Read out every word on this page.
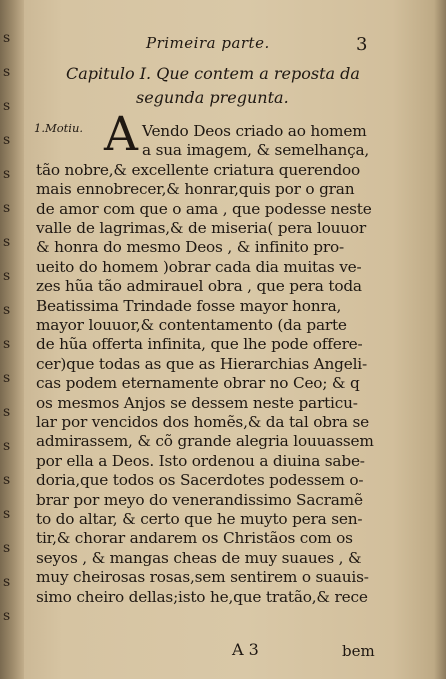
s
s
s
s
s
s
s
s
s
s
s
s
s
s
s
s
s
s
Primeira parte.	3
Capitulo I. Que contem a reposta da
segunda pregunta.
1.Motiu. A Vendo Deos criado ao homem
a sua imagem, & semelhança,
tão nobre,& excellente criatura querendoo
mais ennobrecer,& honrar,quis por o gran
de amor com que o ama , que podesse neste
valle de lagrimas,& de miseria( pera louuor
& honra do mesmo Deos , & infinito pro-
ueito do homem )obrar cada dia muitas ve-
zes hũa tão admirauel obra , que pera toda
Beatissima Trindade fosse mayor honra,
mayor louuor,& contentamento (da parte
de hũa offerta infinita, que lhe pode offere-
cer)que todas as que as Hierarchias Angeli-
cas podem eternamente obrar no Ceo; & q
os mesmos Anjos se dessem neste particu-
lar por vencidos dos homẽs,& da tal obra se
admirassem, & cõ grande alegria louuassem
por ella a Deos. Isto ordenou a diuina sabe-
doria,que todos os Sacerdotes podessem o-
brar por meyo do venerandissimo Sacramẽ
to do altar, & certo que he muyto pera sen-
tir,& chorar andarem os Christãos com os
seyos , & mangas cheas de muy suaues , &
muy cheirosas rosas,sem sentirem o suauis-
simo cheiro dellas;isto he,que tratão,& rece
A 3	bem
